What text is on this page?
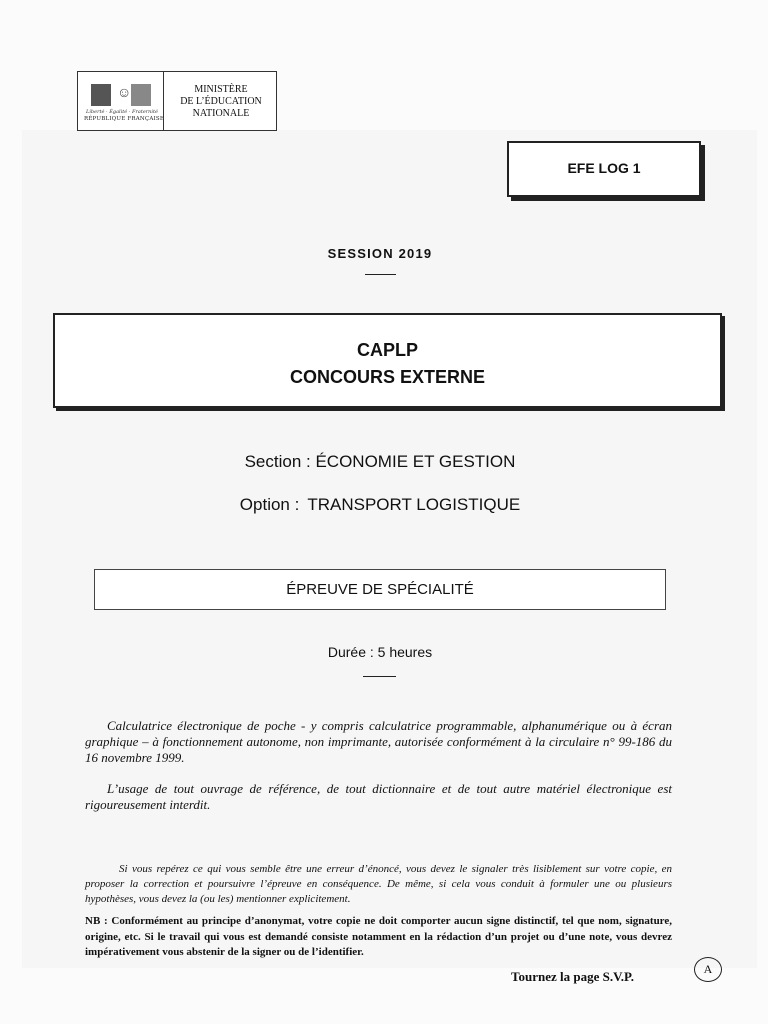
☺
Liberté · Égalité · Fraternité
RÉPUBLIQUE FRANÇAISE
MINISTÈRE
DE L’ÉDUCATION
NATIONALE
EFE LOG 1
SESSION 2019
CAPLP
CONCOURS EXTERNE
Section : ÉCONOMIE ET GESTION
Option : TRANSPORT LOGISTIQUE
ÉPREUVE DE SPÉCIALITÉ
Durée : 5 heures
Calculatrice électronique de poche - y compris calculatrice programmable, alphanumérique ou à écran graphique – à fonctionnement autonome, non imprimante, autorisée conformément à la circulaire n° 99-186 du 16 novembre 1999.
L’usage de tout ouvrage de référence, de tout dictionnaire et de tout autre matériel électronique est rigoureusement interdit.
Si vous repérez ce qui vous semble être une erreur d’énoncé, vous devez le signaler très lisiblement sur votre copie, en proposer la correction et poursuivre l’épreuve en conséquence. De même, si cela vous conduit à formuler une ou plusieurs hypothèses, vous devez la (ou les) mentionner explicitement.
NB : Conformément au principe d’anonymat, votre copie ne doit comporter aucun signe distinctif, tel que nom, signature, origine, etc. Si le travail qui vous est demandé consiste notamment en la rédaction d’un projet ou d’une note, vous devrez impérativement vous abstenir de la signer ou de l’identifier.
Tournez la page S.V.P.	A
